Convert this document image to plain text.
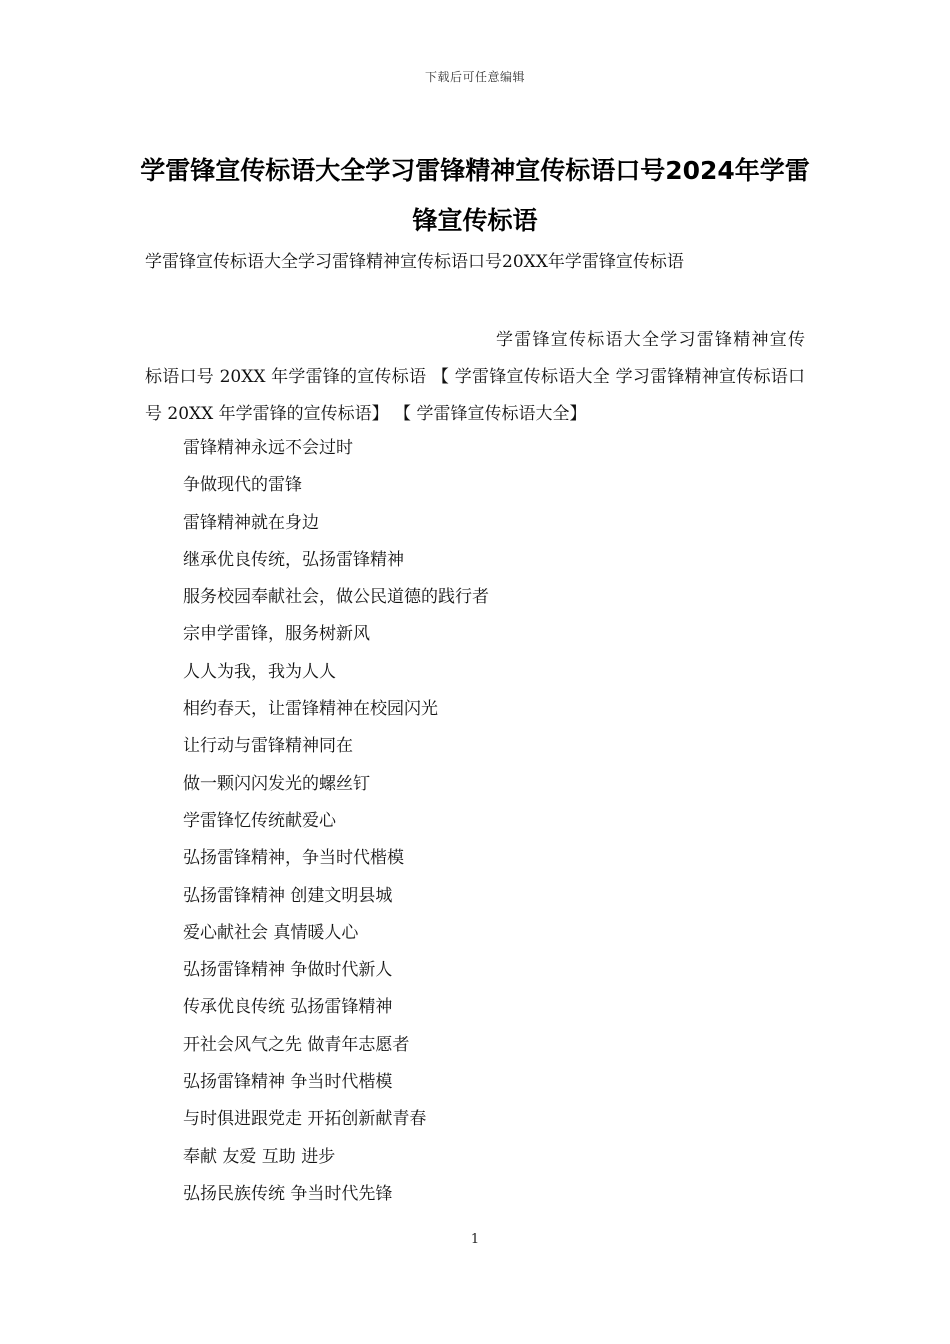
下载后可任意编辑
学雷锋宣传标语大全学习雷锋精神宣传标语口号2024年学雷锋宣传标语
学雷锋宣传标语大全学习雷锋精神宣传标语口号20XX年学雷锋宣传标语

学雷锋宣传标语大全学习雷锋精神宣传 标语口号 20XX 年学雷锋的宣传标语 【 学雷锋宣传标语大全 学习雷锋精神宣传标语口号 20XX 年学雷锋的宣传标语】 【 学雷锋宣传标语大全】

雷锋精神永远不会过时
争做现代的雷锋
雷锋精神就在身边
继承优良传统，弘扬雷锋精神
服务校园奉献社会，做公民道德的践行者
宗申学雷锋，服务树新风
人人为我，我为人人
相约春天，让雷锋精神在校园闪光
让行动与雷锋精神同在
做一颗闪闪发光的螺丝钉
学雷锋忆传统献爱心
弘扬雷锋精神，争当时代楷模
弘扬雷锋精神 创建文明县城
爱心献社会 真情暖人心
弘扬雷锋精神 争做时代新人
传承优良传统 弘扬雷锋精神
开社会风气之先 做青年志愿者
弘扬雷锋精神 争当时代楷模
与时俱进跟党走 开拓创新献青春
奉献 友爱 互助 进步
弘扬民族传统 争当时代先锋
1
